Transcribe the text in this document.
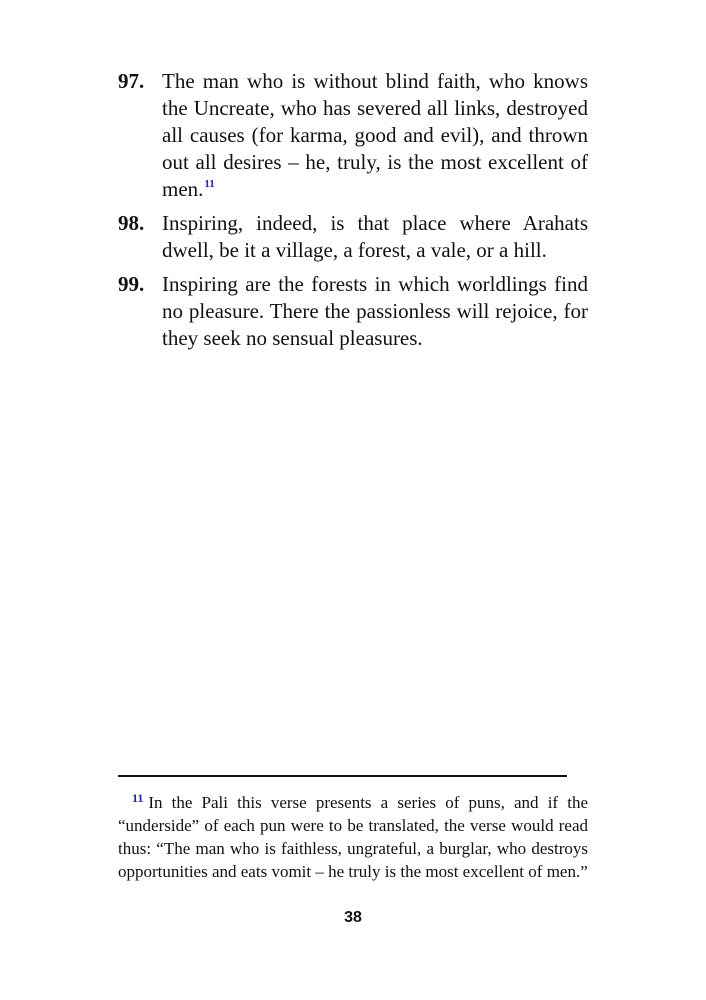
97. The man who is without blind faith, who knows the Uncreate, who has severed all links, destroyed all causes (for karma, good and evil), and thrown out all desires – he, truly, is the most excellent of men.$^{11}$
98. Inspiring, indeed, is that place where Arahats dwell, be it a village, a forest, a vale, or a hill.
99. Inspiring are the forests in which worldlings find no pleasure. There the passionless will rejoice, for they seek no sensual pleasures.
$^{11}$ In the Pali this verse presents a series of puns, and if the “underside” of each pun were to be translated, the verse would read thus: “The man who is faithless, ungrateful, a burglar, who destroys opportunities and eats vomit – he truly is the most excellent of men.”
38
